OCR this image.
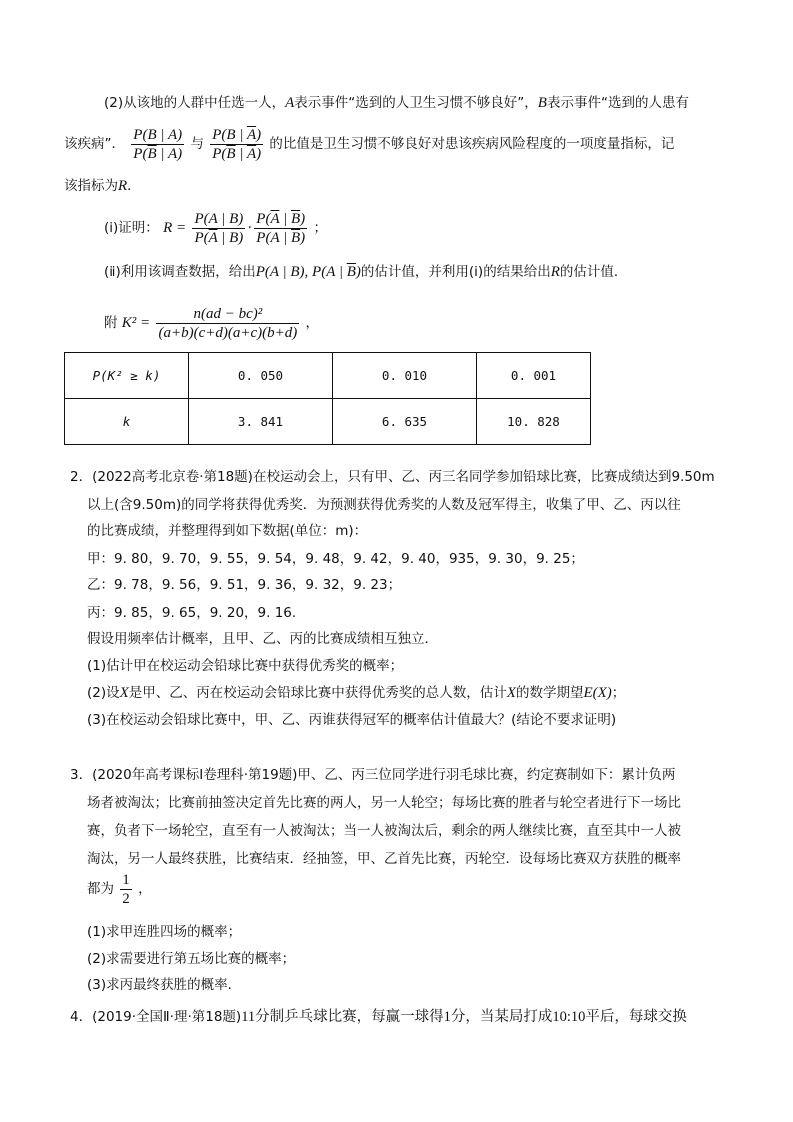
(2)从该地的人群中任选一人，A表示事件“选到的人卫生习惯不够良好”，B表示事件“选到的人患有
该疾病”． $\frac{P(B | A)}{P(\overline{B} | A)}$ 与 $\frac{P(B | \overline{A})}{P(\overline{B} | \overline{A})}$ 的比值是卫生习惯不够良好对患该疾病风险程度的一项度量指标，记
该指标为R．
(ⅰ)证明： $R = \frac{P(A | B)}{P(\overline{A} | B)} \cdot \frac{P(\overline{A} | \overline{B})}{P(A | \overline{B})}$ ；
(ⅱ)利用该调查数据，给出P(A | B), P(A | $\overline{B}$)的估计值，并利用(ⅰ)的结果给出R的估计值．
附 $K^2 = \frac{\text{n(ad − bc)²}}{(a+b)(c+d)(a+c)(b+d)}$ ，
P(K² ≥ k)	0. 050	0. 010	0. 001
k	3. 841	6. 635	10. 828
2．(2022高考北京卷·第18题)在校运动会上，只有甲、乙、丙三名同学参加铅球比赛，比赛成绩达到9.50m
以上(含9.50m)的同学将获得优秀奖．为预测获得优秀奖的人数及冠军得主，收集了甲、乙、丙以往
的比赛成绩，并整理得到如下数据(单位：m)：
甲：9. 80，9. 70，9. 55，9. 54，9. 48，9. 42，9. 40，935，9. 30，9. 25；
乙：9. 78，9. 56，9. 51，9. 36，9. 32，9. 23；
丙：9. 85，9. 65，9. 20，9. 16.
假设用频率估计概率，且甲、乙、丙的比赛成绩相互独立．
(1)估计甲在校运动会铅球比赛中获得优秀奖的概率；
(2)设X是甲、乙、丙在校运动会铅球比赛中获得优秀奖的总人数，估计X的数学期望E(X)；
(3)在校运动会铅球比赛中，甲、乙、丙谁获得冠军的概率估计值最大？(结论不要求证明)
3．(2020年高考课标Ⅰ卷理科·第19题)甲、乙、丙三位同学进行羽毛球比赛，约定赛制如下：累计负两
场者被淘汰；比赛前抽签决定首先比赛的两人，另一人轮空；每场比赛的胜者与轮空者进行下一场比
赛，负者下一场轮空，直至有一人被淘汰；当一人被淘汰后，剩余的两人继续比赛，直至其中一人被
淘汰，另一人最终获胜，比赛结束．经抽签，甲、乙首先比赛，丙轮空．设每场比赛双方获胜的概率
都为 $\frac{1}{2}$ ，
(1)求甲连胜四场的概率；
(2)求需要进行第五场比赛的概率；
(3)求丙最终获胜的概率．
4．(2019·全国Ⅱ·理·第18题)11分制乒乓球比赛，每赢一球得1分，当某局打成10:10平后，每球交换
